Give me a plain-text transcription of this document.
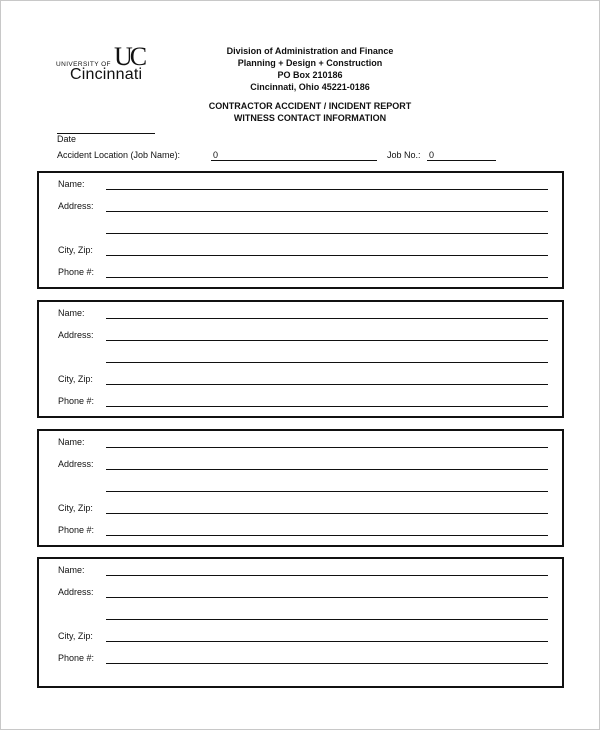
UC
UNIVERSITY OF
Cincinnati
Division of Administration and Finance
Planning + Design + Construction
PO Box 210186
Cincinnati, Ohio 45221-0186
CONTRACTOR ACCIDENT / INCIDENT REPORT
WITNESS CONTACT INFORMATION
Date
Accident Location (Job Name):	0	Job No.: 0
Name:
Address:
City, Zip:
Phone #:
Name:
Address:
City, Zip:
Phone #:
Name:
Address:
City, Zip:
Phone #:
Name:
Address:
City, Zip:
Phone #:
